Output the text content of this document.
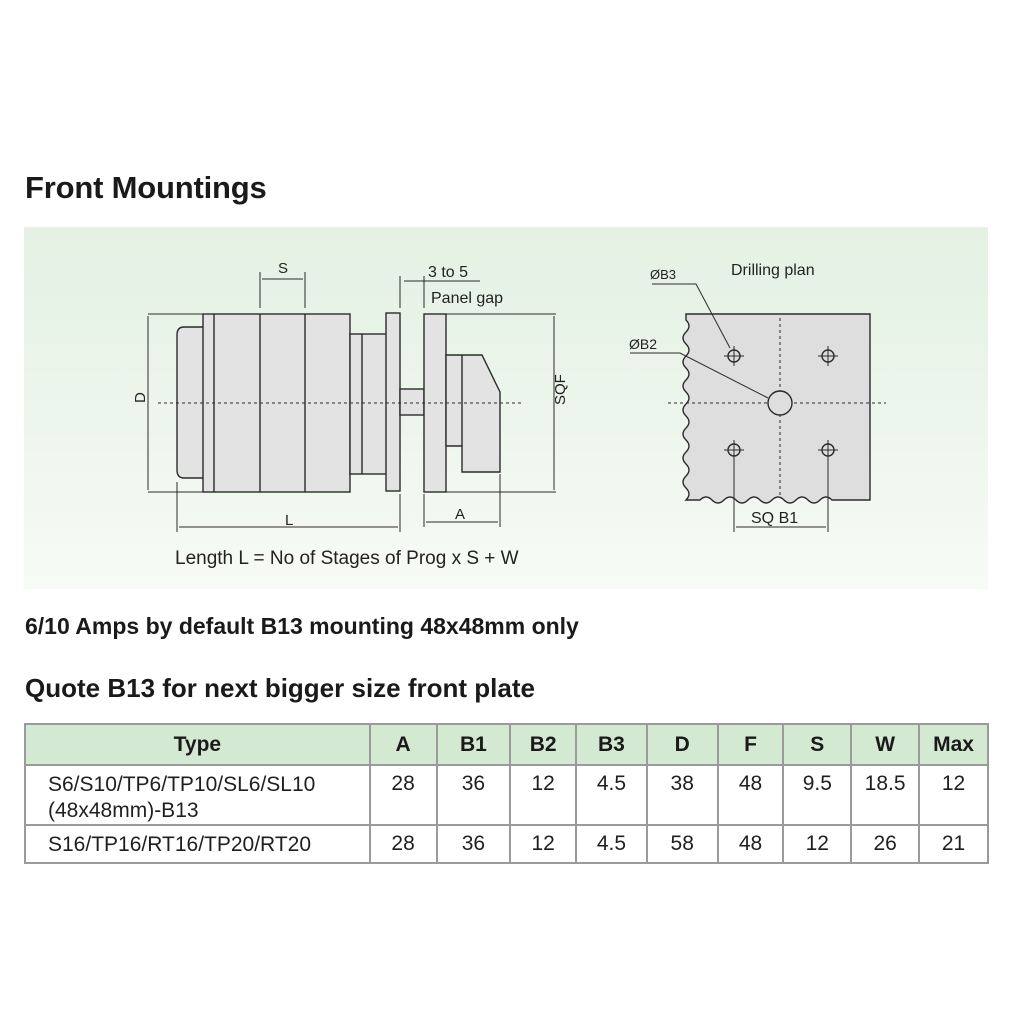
Front Mountings
S	3 to 5
Panel gap
D	SQF
L	A
Length L = No of Stages of Prog x S + W
Drilling plan
ØB3
ØB2
SQ B1
6/10 Amps by default B13 mounting 48x48mm only
Quote B13 for next bigger size front plate
Type	A	B1	B2	B3	D	F	S	W	Max

S6/S10/TP6/TP10/SL6/SL10
(48x48mm)-B13	28	36	12	4.5	38	48	9.5	18.5	12

S16/TP16/RT16/TP20/RT20	28	36	12	4.5	58	48	12	26	21
